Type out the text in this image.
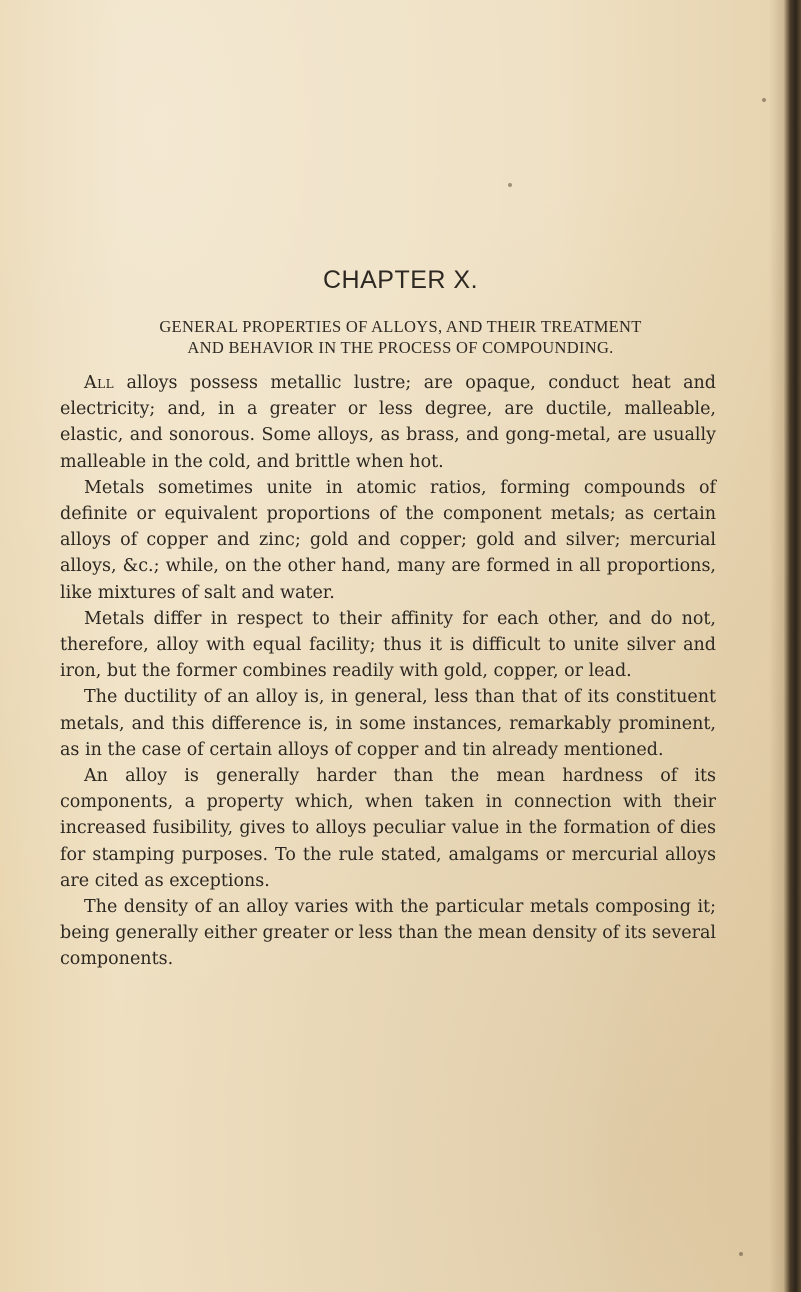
CHAPTER X.
GENERAL PROPERTIES OF ALLOYS, AND THEIR TREATMENT
AND BEHAVIOR IN THE PROCESS OF COMPOUNDING.

All alloys possess metallic lustre; are opaque, conduct heat and electricity; and, in a greater or less degree, are ductile, malleable, elastic, and sonorous. Some alloys, as brass, and gong-metal, are usually malleable in the cold, and brittle when hot.

Metals sometimes unite in atomic ratios, forming compounds of definite or equivalent proportions of the component metals; as certain alloys of copper and zinc; gold and copper; gold and silver; mercurial alloys, &c.; while, on the other hand, many are formed in all proportions, like mixtures of salt and water.

Metals differ in respect to their affinity for each other, and do not, therefore, alloy with equal facility; thus it is difficult to unite silver and iron, but the former combines readily with gold, copper, or lead.

The ductility of an alloy is, in general, less than that of its constituent metals, and this difference is, in some instances, remarkably prominent, as in the case of certain alloys of copper and tin already mentioned.

An alloy is generally harder than the mean hardness of its components, a property which, when taken in connection with their increased fusibility, gives to alloys peculiar value in the formation of dies for stamping purposes. To the rule stated, amalgams or mercurial alloys are cited as exceptions.

The density of an alloy varies with the particular metals composing it; being generally either greater or less than the mean density of its several components.
